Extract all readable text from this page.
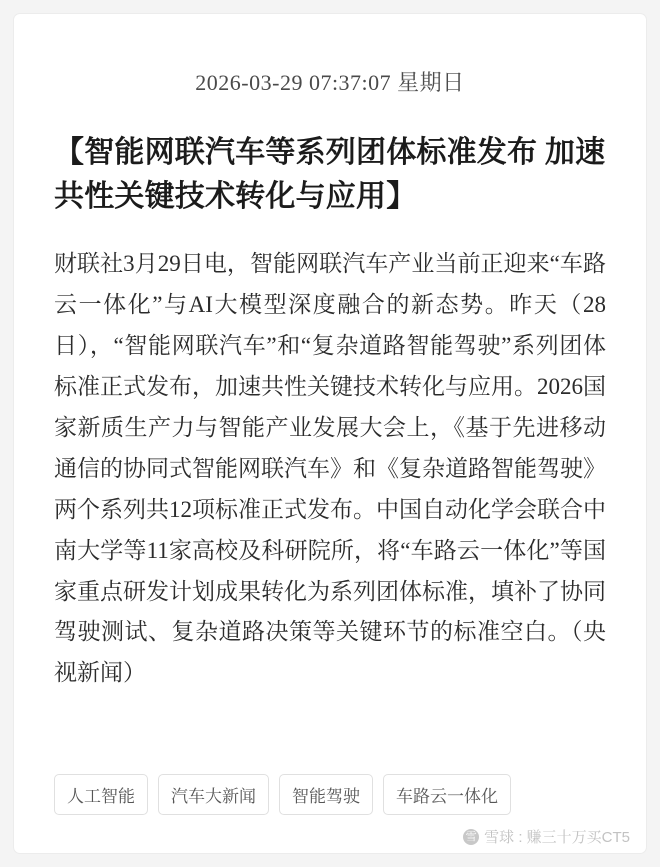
2026-03-29 07:37:07 星期日
【智能网联汽车等系列团体标准发布 加速共性关键技术转化与应用】
财联社3月29日电，智能网联汽车产业当前正迎来“车路云一体化”与AI大模型深度融合的新态势。昨天（28日），“智能网联汽车”和“复杂道路智能驾驶”系列团体标准正式发布，加速共性关键技术转化与应用。2026国家新质生产力与智能产业发展大会上，《基于先进移动通信的协同式智能网联汽车》和《复杂道路智能驾驶》两个系列共12项标准正式发布。中国自动化学会联合中南大学等11家高校及科研院所，将“车路云一体化”等国家重点研发计划成果转化为系列团体标准，填补了协同驾驶测试、复杂道路决策等关键环节的标准空白。（央视新闻）
人工智能	汽车大新闻	智能驾驶	车路云一体化
雪 雪球 : 赚三十万买CT5
